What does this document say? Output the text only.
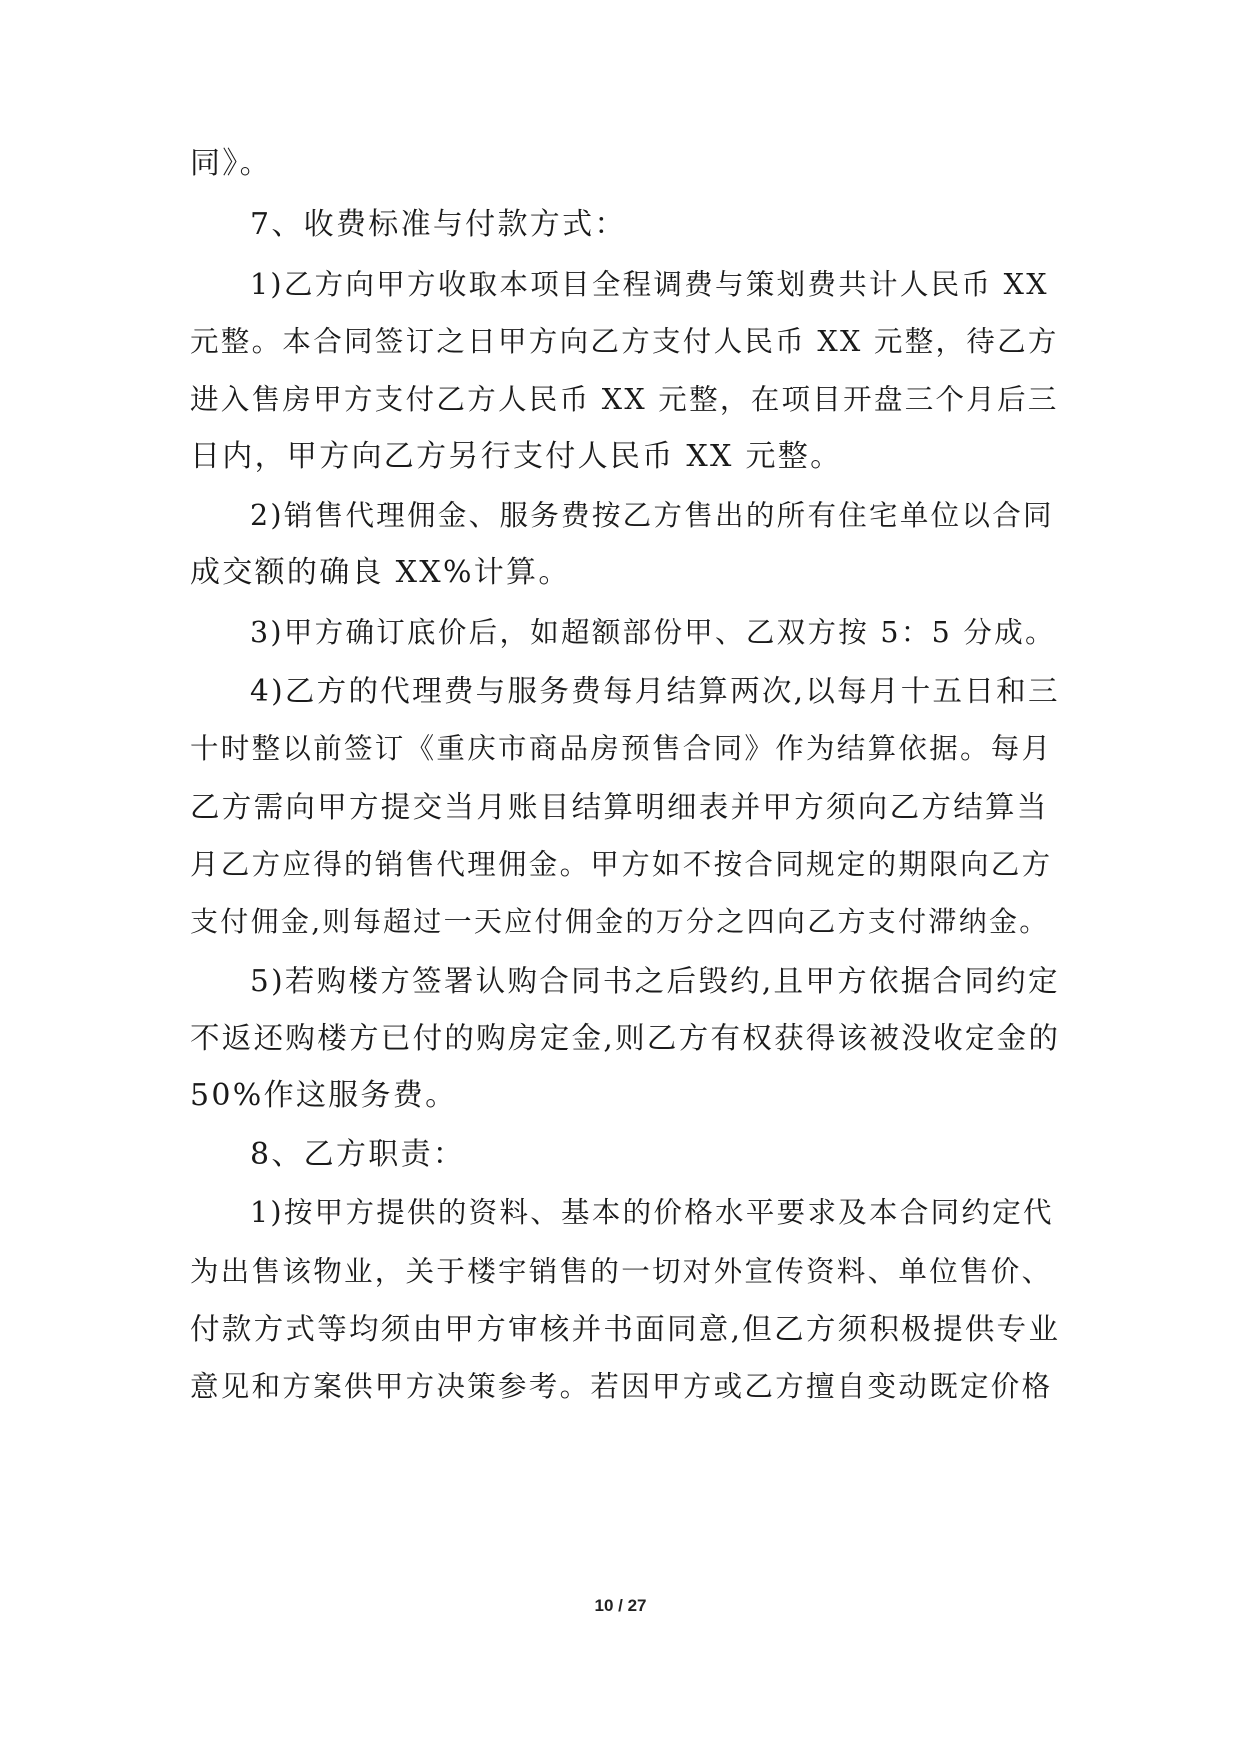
同》。
7、收费标准与付款方式：
1)乙方向甲方收取本项目全程调费与策划费共计人民币 XX
元整。本合同签订之日甲方向乙方支付人民币 XX 元整，待乙方
进入售房甲方支付乙方人民币 XX 元整，在项目开盘三个月后三
日内，甲方向乙方另行支付人民币 XX 元整。
2)销售代理佣金、服务费按乙方售出的所有住宅单位以合同
成交额的确良 XX%计算。
3)甲方确订底价后，如超额部份甲、乙双方按 5：5 分成。
4)乙方的代理费与服务费每月结算两次,以每月十五日和三
十时整以前签订《重庆市商品房预售合同》作为结算依据。每月
乙方需向甲方提交当月账目结算明细表并甲方须向乙方结算当
月乙方应得的销售代理佣金。甲方如不按合同规定的期限向乙方
支付佣金,则每超过一天应付佣金的万分之四向乙方支付滞纳金。
5)若购楼方签署认购合同书之后毁约,且甲方依据合同约定
不返还购楼方已付的购房定金,则乙方有权获得该被没收定金的
50%作这服务费。
8、乙方职责：
1)按甲方提供的资料、基本的价格水平要求及本合同约定代
为出售该物业，关于楼宇销售的一切对外宣传资料、单位售价、
付款方式等均须由甲方审核并书面同意,但乙方须积极提供专业
意见和方案供甲方决策参考。若因甲方或乙方擅自变动既定价格
10 / 27
